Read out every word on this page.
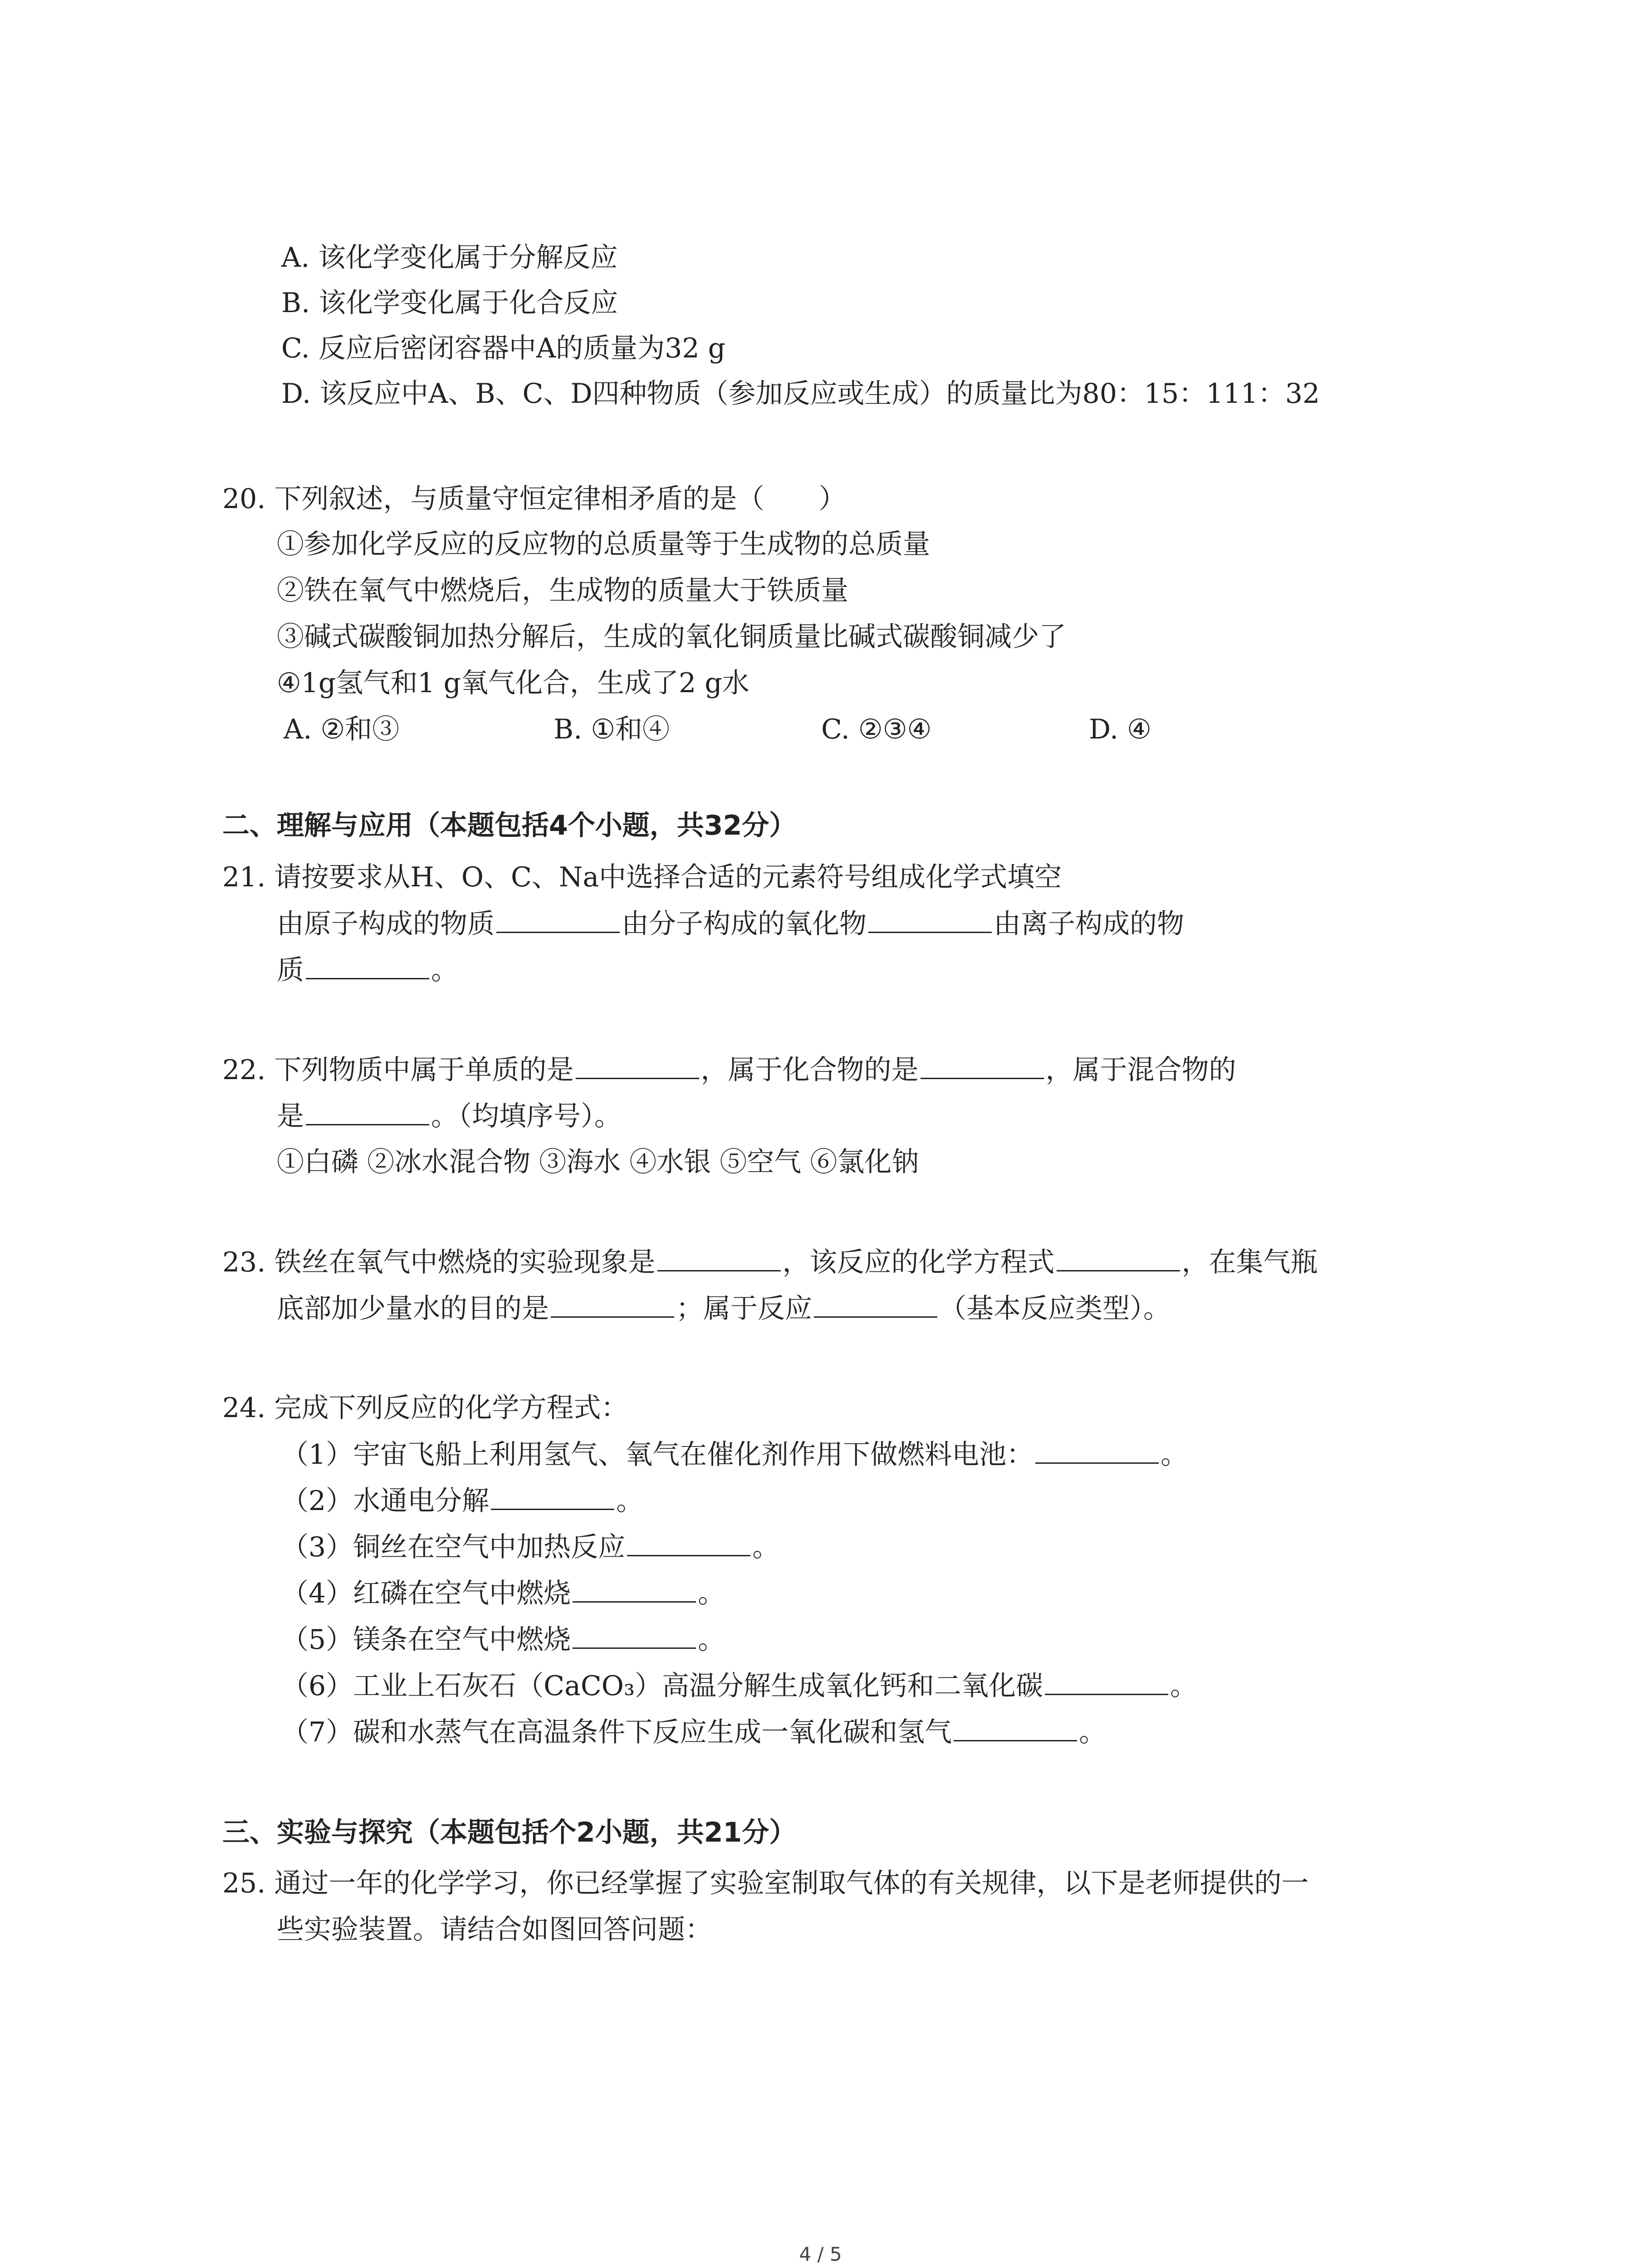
A. 该化学变化属于分解反应
B. 该化学变化属于化合反应
C. 反应后密闭容器中A的质量为32 g
D. 该反应中A、B、C、D四种物质（参加反应或生成）的质量比为80：15：111：32
20. 下列叙述，与质量守恒定律相矛盾的是（　　）
①参加化学反应的反应物的总质量等于生成物的总质量
②铁在氧气中燃烧后，生成物的质量大于铁质量
③碱式碳酸铜加热分解后，生成的氧化铜质量比碱式碳酸铜减少了
④1g氢气和1 g氧气化合，生成了2 g水
A. ②和③	B. ①和④	C. ②③④	D. ④
二、理解与应用（本题包括4个小题，共32分）
21. 请按要求从H、O、C、Na中选择合适的元素符号组成化学式填空
由原子构成的物质	由分子构成的氧化物	由离子构成的物
质	。
22. 下列物质中属于单质的是	，属于化合物的是	，属于混合物的
是	。（均填序号）。
①白磷 ②冰水混合物 ③海水 ④水银 ⑤空气 ⑥氯化钠
23. 铁丝在氧气中燃烧的实验现象是	，该反应的化学方程式	，在集气瓶
底部加少量水的目的是	；属于反应	（基本反应类型）。
24. 完成下列反应的化学方程式：
（1）宇宙飞船上利用氢气、氧气在催化剂作用下做燃料电池：	。
（2）水通电分解	。
（3）铜丝在空气中加热反应	。
（4）红磷在空气中燃烧	。
（5）镁条在空气中燃烧	。
（6）工业上石灰石（CaCO₃）高温分解生成氧化钙和二氧化碳	。
（7）碳和水蒸气在高温条件下反应生成一氧化碳和氢气	。
三、实验与探究（本题包括个2小题，共21分）
25. 通过一年的化学学习，你已经掌握了实验室制取气体的有关规律，以下是老师提供的一
些实验装置。请结合如图回答问题：
4 / 5
